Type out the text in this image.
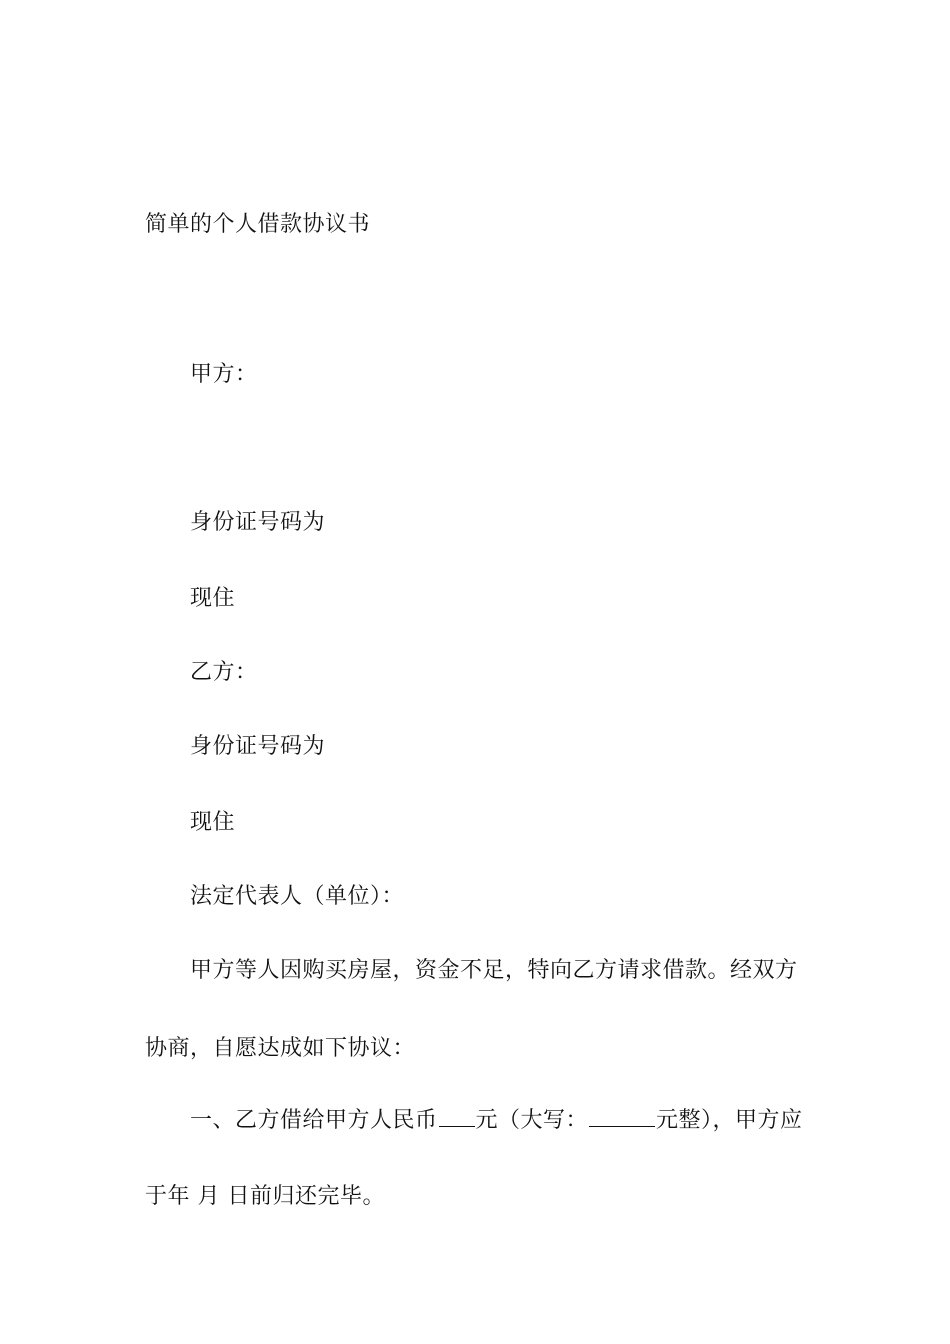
简单的个人借款协议书
甲方：
身份证号码为
现住
乙方：
身份证号码为
现住
法定代表人（单位）：
甲方等人因购买房屋，资金不足，特向乙方请求借款。经双方
协商，自愿达成如下协议：
一、乙方借给甲方人民币 元（大写：	元整），甲方应
于年 月 日前归还完毕。
